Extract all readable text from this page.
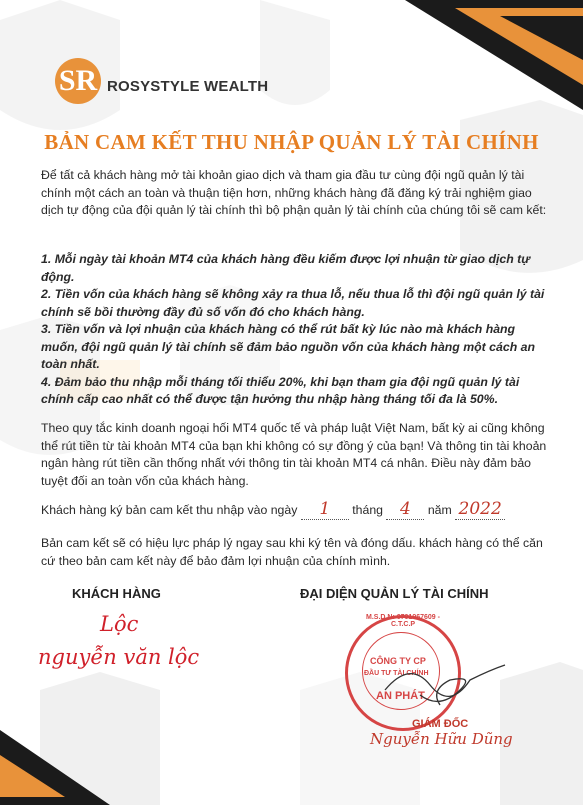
SR ROSYSTYLE WEALTH
BẢN CAM KẾT THU NHẬP QUẢN LÝ TÀI CHÍNH
Để tất cả khách hàng mở tài khoản giao dịch và tham gia đầu tư cùng đội ngũ quản lý tài chính một cách an toàn và thuận tiện hơn, những khách hàng đã đăng ký trải nghiệm giao dịch tự động của đội quản lý tài chính thì bộ phận quản lý tài chính của chúng tôi sẽ cam kết:

1. Mỗi ngày tài khoản MT4 của khách hàng đều kiếm được lợi nhuận từ giao dịch tự động.

2. Tiền vốn của khách hàng sẽ không xảy ra thua lỗ, nếu thua lỗ thì đội ngũ quản lý tài chính sẽ bồi thường đầy đủ số vốn đó cho khách hàng.

3. Tiền vốn và lợi nhuận của khách hàng có thể rút bất kỳ lúc nào mà khách hàng muốn, đội ngũ quản lý tài chính sẽ đảm bảo nguồn vốn của khách hàng một cách an toàn nhất.

4. Đảm bảo thu nhập mỗi tháng tối thiểu 20%, khi bạn tham gia đội ngũ quản lý tài chính cấp cao nhất có thể được tận hưởng thu nhập hàng tháng tối đa là 50%.

Theo quy tắc kinh doanh ngoại hối MT4 quốc tế và pháp luật Việt Nam, bất kỳ ai cũng không thể rút tiền từ tài khoản MT4 của bạn khi không có sự đồng ý của bạn! Và thông tin tài khoản ngân hàng rút tiền cần thống nhất với thông tin tài khoản MT4 cá nhân. Điều này đảm bảo tuyệt đối an toàn vốn của khách hàng.
Khách hàng ký bản cam kết thu nhập vào ngày 1 tháng 4 năm 2022
Bản cam kết sẽ có hiệu lực pháp lý ngay sau khi ký tên và đóng dấu. khách hàng có thể căn cứ theo bản cam kết này để bảo đảm lợi nhuận của chính mình.
KHÁCH HÀNG	ĐẠI DIỆN QUẢN LÝ TÀI CHÍNH
Lộc
nguyễn văn lộc
M.S.D.N: 0701967609 - C.T.C.P
CÔNG TY CP
ĐẦU TƯ TÀI CHÍNH
AN PHÁT
GIÁM ĐỐC
Nguyễn Hữu Dũng
